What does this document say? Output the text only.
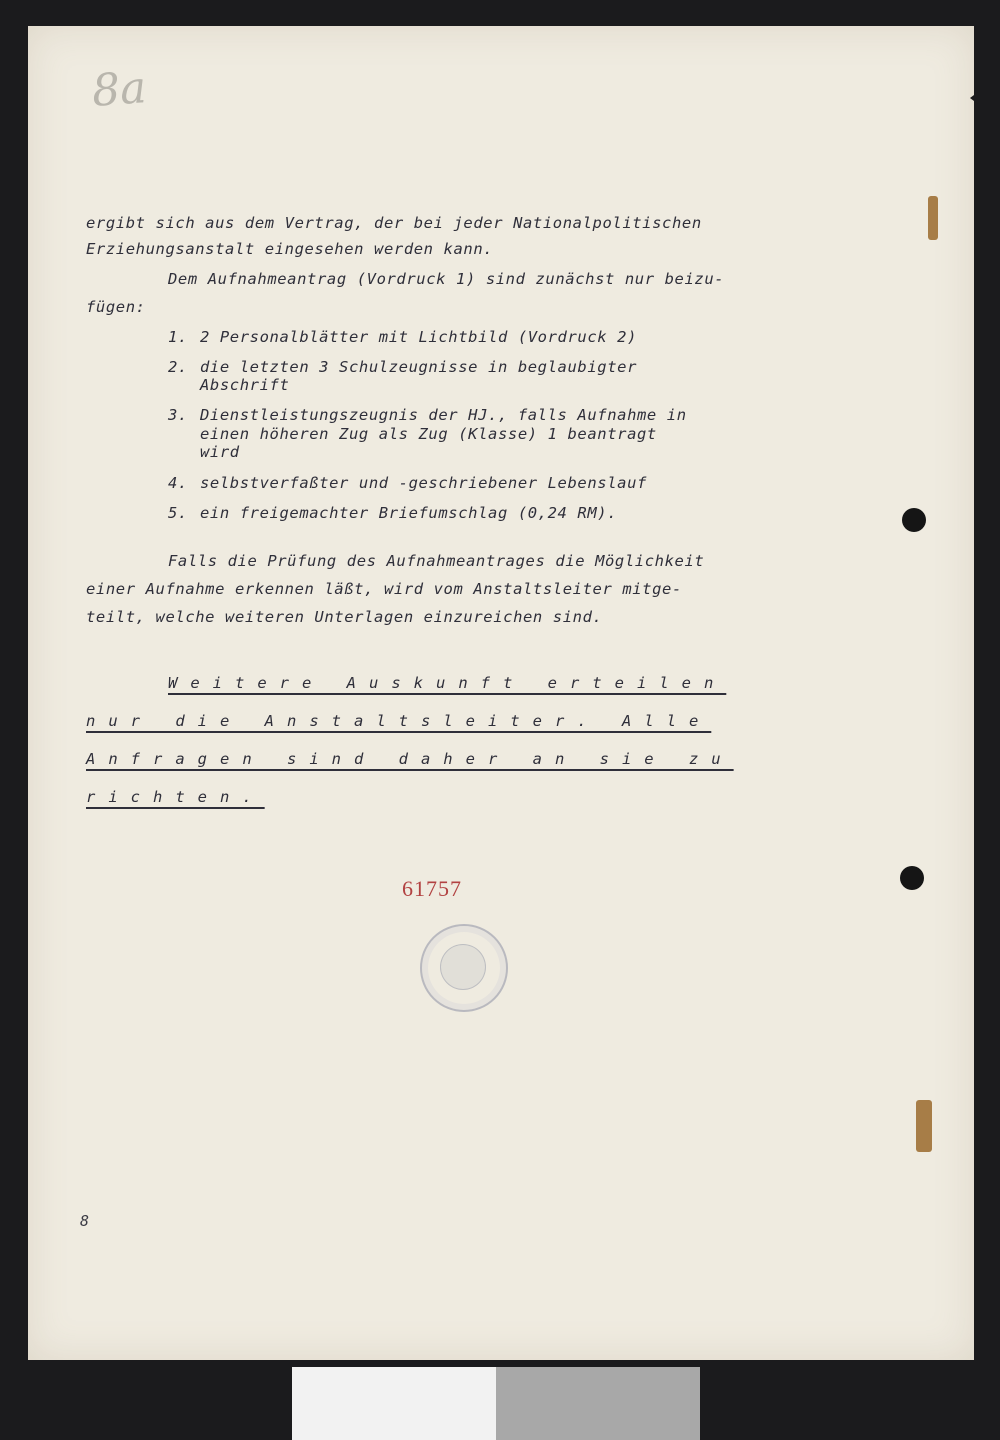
8a
ergibt sich aus dem Vertrag, der bei jeder Nationalpolitischen
Erziehungsanstalt eingesehen werden kann.
Dem Aufnahmeantrag (Vordruck 1) sind zunächst nur beizu-
fügen:
1. 2 Personalblätter mit Lichtbild (Vordruck 2)
2. die letzten 3 Schulzeugnisse in beglaubigter
Abschrift
3. Dienstleistungszeugnis der HJ., falls Aufnahme in
einen höheren Zug als Zug (Klasse) 1 beantragt
wird
4. selbstverfaßter und -geschriebener Lebenslauf
5. ein freigemachter Briefumschlag (0,24 RM).
Falls die Prüfung des Aufnahmeantrages die Möglichkeit
einer Aufnahme erkennen läßt, wird vom Anstaltsleiter mitge-
teilt, welche weiteren Unterlagen einzureichen sind.
Weitere Auskunft erteilen
nur die Anstaltsleiter. Alle
Anfragen sind daher an sie zu
richten.
61757
8
